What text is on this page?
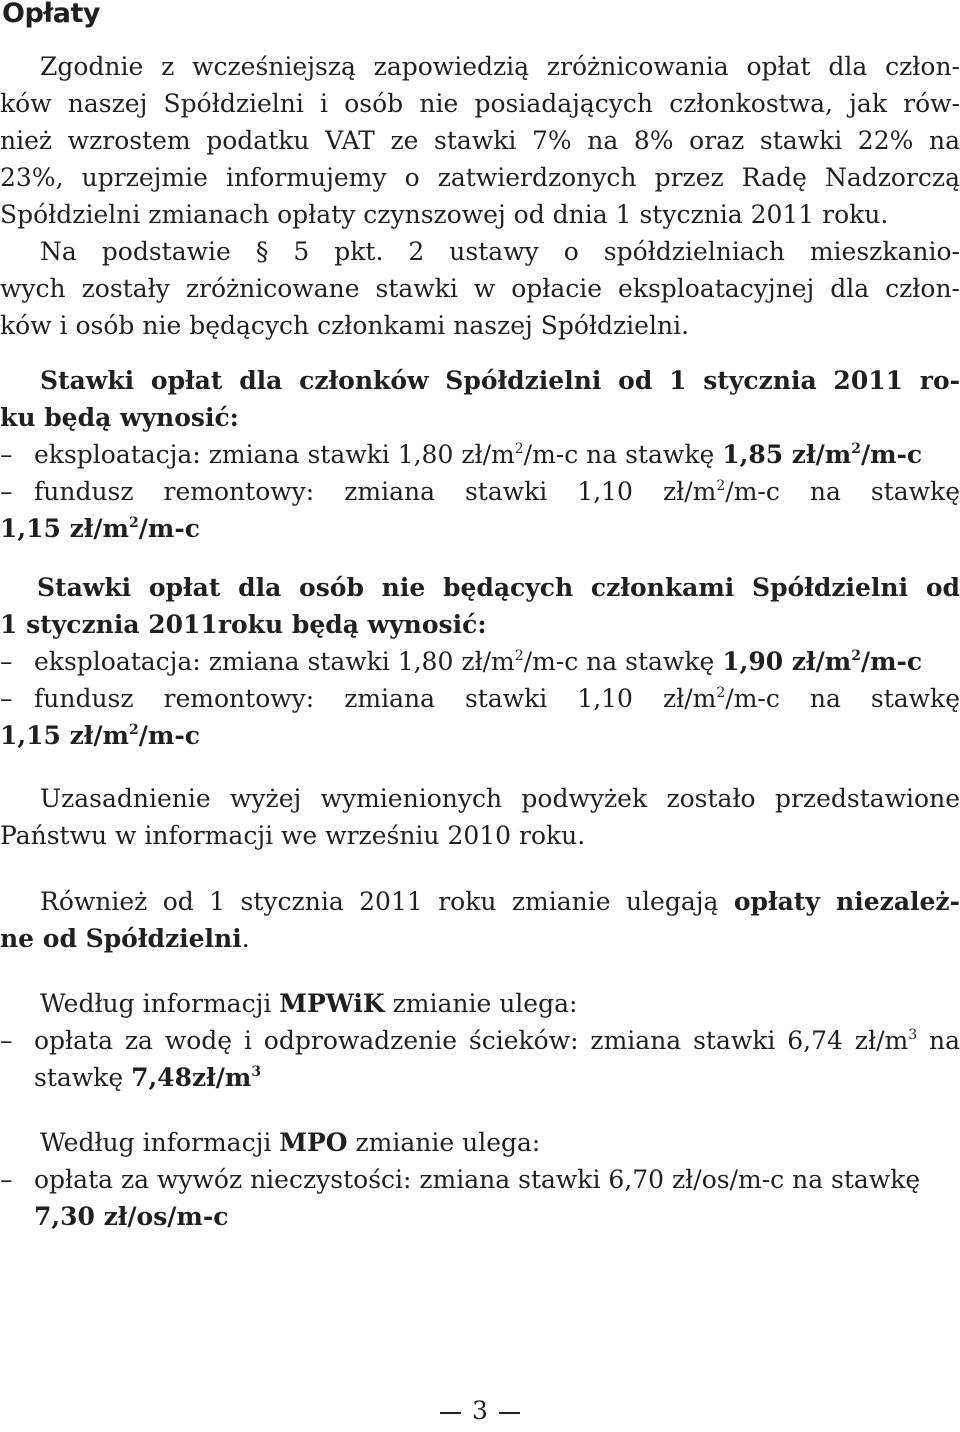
Opłaty
Zgodnie z wcześniejszą zapowiedzią zróżnicowania opłat dla człon-
ków naszej Spółdzielni i osób nie posiadających członkostwa, jak rów-
nież wzrostem podatku VAT ze stawki 7% na 8% oraz stawki 22% na
23%, uprzejmie informujemy o zatwierdzonych przez Radę Nadzorczą
Spółdzielni zmianach opłaty czynszowej od dnia 1 stycznia 2011 roku.
Na podstawie § 5 pkt. 2 ustawy o spółdzielniach mieszkanio-
wych zostały zróżnicowane stawki w opłacie eksploatacyjnej dla człon-
ków i osób nie będących członkami naszej Spółdzielni.
Stawki opłat dla członków Spółdzielni od 1 stycznia 2011 ro-
ku będą wynosić:
– eksploatacja: zmiana stawki 1,80 $zł/m^2/m-c$ na stawkę 1,85 $zł/m^2/m-c$
– fundusz remontowy: zmiana stawki 1,10 $zł/m^2/m-c$ na stawkę
1,15 $zł/m^2/m-c$
Stawki opłat dla osób nie będących członkami Spółdzielni od
1 stycznia 2011roku będą wynosić:
– eksploatacja: zmiana stawki 1,80 $zł/m^2/m-c$ na stawkę 1,90 $zł/m^2/m-c$
– fundusz remontowy: zmiana stawki 1,10 $zł/m^2/m-c$ na stawkę
1,15 $zł/m^2/m-c$
Uzasadnienie wyżej wymienionych podwyżek zostało przedstawione
Państwu w informacji we wrześniu 2010 roku.
Również od 1 stycznia 2011 roku zmianie ulegają opłaty niezależ-
ne od Spółdzielni.
Według informacji MPWiK zmianie ulega:
– opłata za wodę i odprowadzenie ścieków: zmiana stawki 6,74 $zł/m^3$ na
stawkę $7,48zł/m^3$
Według informacji MPO zmianie ulega:
– opłata za wywóz nieczystości: zmiana stawki 6,70 zł/os/m-c na stawkę
7,30 zł/os/m-c
3
